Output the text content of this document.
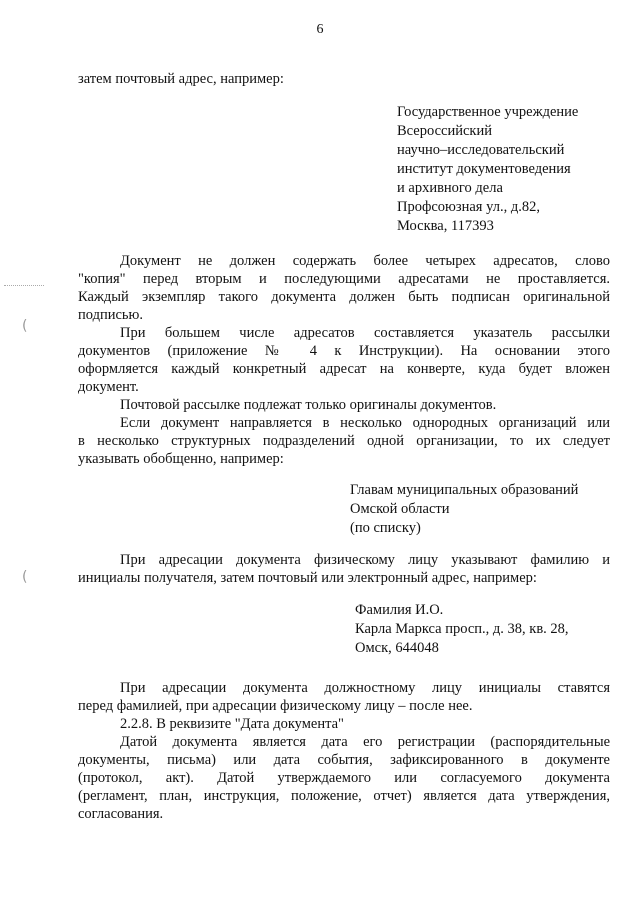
6
затем почтовый адрес, например:
Государственное учреждение
Всероссийский
научно–исследовательский
институт документоведения
и архивного дела
Профсоюзная ул., д.82,
Москва, 117393
Документ не должен содержать более четырех адресатов, слово
"копия" перед вторым и последующими адресатами не проставляется.
Каждый экземпляр такого документа должен быть подписан оригинальной
подписью.
При большем числе адресатов составляется указатель рассылки
документов (приложение № 4 к Инструкции). На основании этого
оформляется каждый конкретный адресат на конверте, куда будет вложен
документ.
Почтовой рассылке подлежат только оригиналы документов.
Если документ направляется в несколько однородных организаций или
в несколько структурных подразделений одной организации, то их следует
указывать обобщенно, например:
Главам муниципальных образований
Омской области
(по списку)
При адресации документа физическому лицу указывают фамилию и
инициалы получателя, затем почтовый или электронный адрес, например:
Фамилия И.О.
Карла Маркса просп., д. 38, кв. 28,
Омск, 644048
При адресации документа должностному лицу инициалы ставятся
перед фамилией, при адресации физическому лицу – после нее.
2.2.8. В реквизите "Дата документа"
Датой документа является дата его регистрации (распорядительные
документы, письма) или дата события, зафиксированного в документе
(протокол, акт). Датой утверждаемого или согласуемого документа
(регламент, план, инструкция, положение, отчет) является дата утверждения,
согласования.
(
(
